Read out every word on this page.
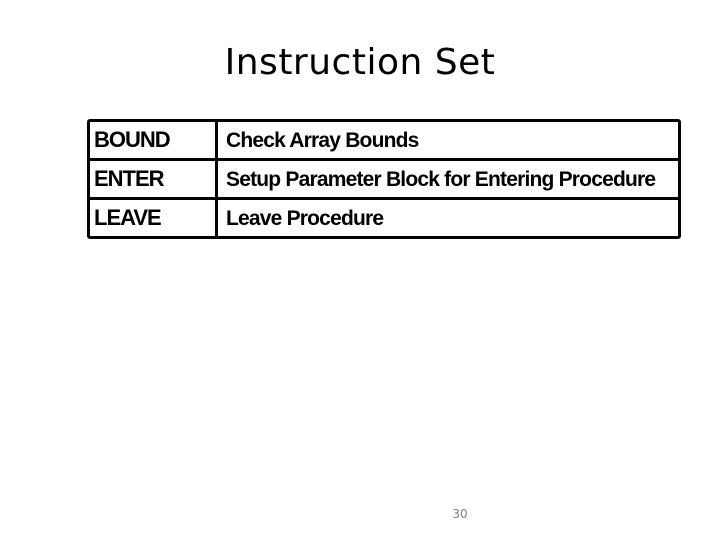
Instruction Set
BOUND	Check Array Bounds
ENTER	Setup Parameter Block for Entering Procedure
LEAVE	Leave Procedure
30
